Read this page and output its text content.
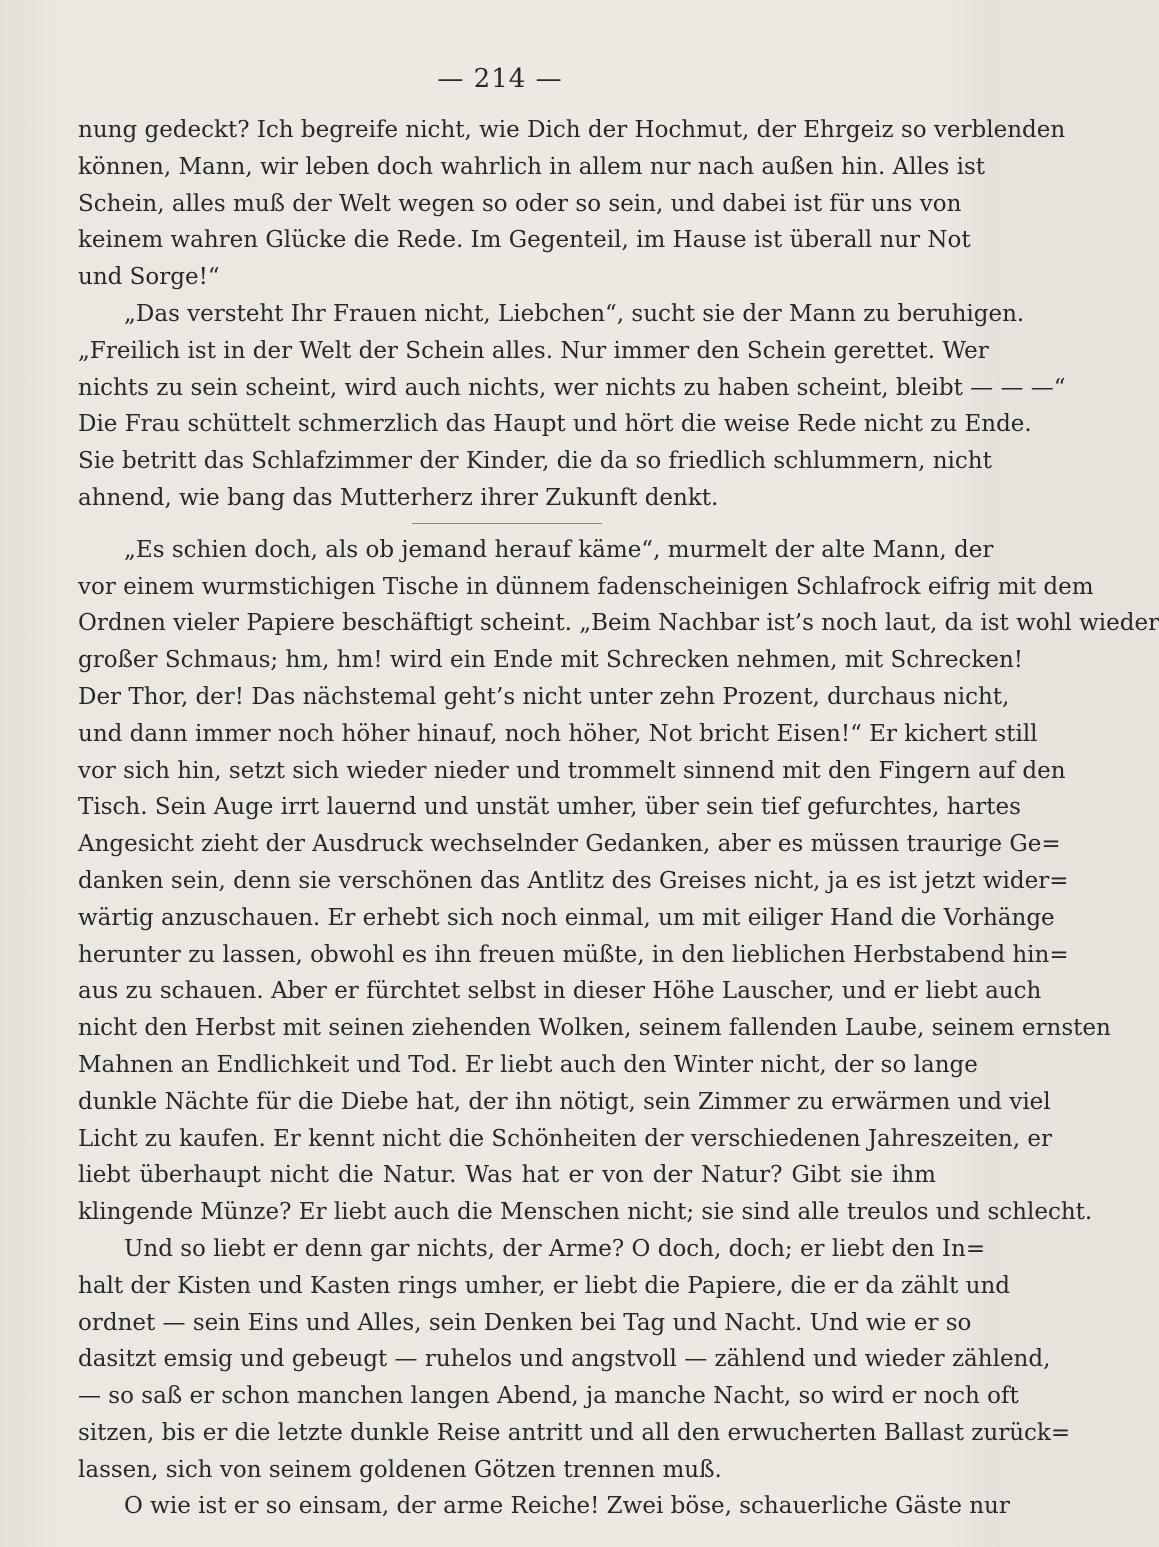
— 214 —
nung gedeckt? Ich begreife nicht, wie Dich der Hochmut, der Ehrgeiz so verblenden
können, Mann, wir leben doch wahrlich in allem nur nach außen hin. Alles ist
Schein, alles muß der Welt wegen so oder so sein, und dabei ist für uns von
keinem wahren Glücke die Rede. Im Gegenteil, im Hause ist überall nur Not
und Sorge!“
„Das versteht Ihr Frauen nicht, Liebchen“, sucht sie der Mann zu beruhigen.
„Freilich ist in der Welt der Schein alles. Nur immer den Schein gerettet. Wer
nichts zu sein scheint, wird auch nichts, wer nichts zu haben scheint, bleibt — — —“
Die Frau schüttelt schmerzlich das Haupt und hört die weise Rede nicht zu Ende.
Sie betritt das Schlafzimmer der Kinder, die da so friedlich schlummern, nicht
ahnend, wie bang das Mutterherz ihrer Zukunft denkt.
„Es schien doch, als ob jemand herauf käme“, murmelt der alte Mann, der
vor einem wurmstichigen Tische in dünnem fadenscheinigen Schlafrock eifrig mit dem
Ordnen vieler Papiere beschäftigt scheint. „Beim Nachbar ist’s noch laut, da ist wohl wieder
großer Schmaus; hm, hm! wird ein Ende mit Schrecken nehmen, mit Schrecken!
Der Thor, der! Das nächstemal geht’s nicht unter zehn Prozent, durchaus nicht,
und dann immer noch höher hinauf, noch höher, Not bricht Eisen!“ Er kichert still
vor sich hin, setzt sich wieder nieder und trommelt sinnend mit den Fingern auf den
Tisch. Sein Auge irrt lauernd und unstät umher, über sein tief gefurchtes, hartes
Angesicht zieht der Ausdruck wechselnder Gedanken, aber es müssen traurige Ge=
danken sein, denn sie verschönen das Antlitz des Greises nicht, ja es ist jetzt wider=
wärtig anzuschauen. Er erhebt sich noch einmal, um mit eiliger Hand die Vorhänge
herunter zu lassen, obwohl es ihn freuen müßte, in den lieblichen Herbstabend hin=
aus zu schauen. Aber er fürchtet selbst in dieser Höhe Lauscher, und er liebt auch
nicht den Herbst mit seinen ziehenden Wolken, seinem fallenden Laube, seinem ernsten
Mahnen an Endlichkeit und Tod. Er liebt auch den Winter nicht, der so lange
dunkle Nächte für die Diebe hat, der ihn nötigt, sein Zimmer zu erwärmen und viel
Licht zu kaufen. Er kennt nicht die Schönheiten der verschiedenen Jahreszeiten, er
liebt überhaupt nicht die Natur. Was hat er von der Natur? Gibt sie ihm
klingende Münze? Er liebt auch die Menschen nicht; sie sind alle treulos und schlecht.
Und so liebt er denn gar nichts, der Arme? O doch, doch; er liebt den In=
halt der Kisten und Kasten rings umher, er liebt die Papiere, die er da zählt und
ordnet — sein Eins und Alles, sein Denken bei Tag und Nacht. Und wie er so
dasitzt emsig und gebeugt — ruhelos und angstvoll — zählend und wieder zählend,
— so saß er schon manchen langen Abend, ja manche Nacht, so wird er noch oft
sitzen, bis er die letzte dunkle Reise antritt und all den erwucherten Ballast zurück=
lassen, sich von seinem goldenen Götzen trennen muß.
O wie ist er so einsam, der arme Reiche! Zwei böse, schauerliche Gäste nur
